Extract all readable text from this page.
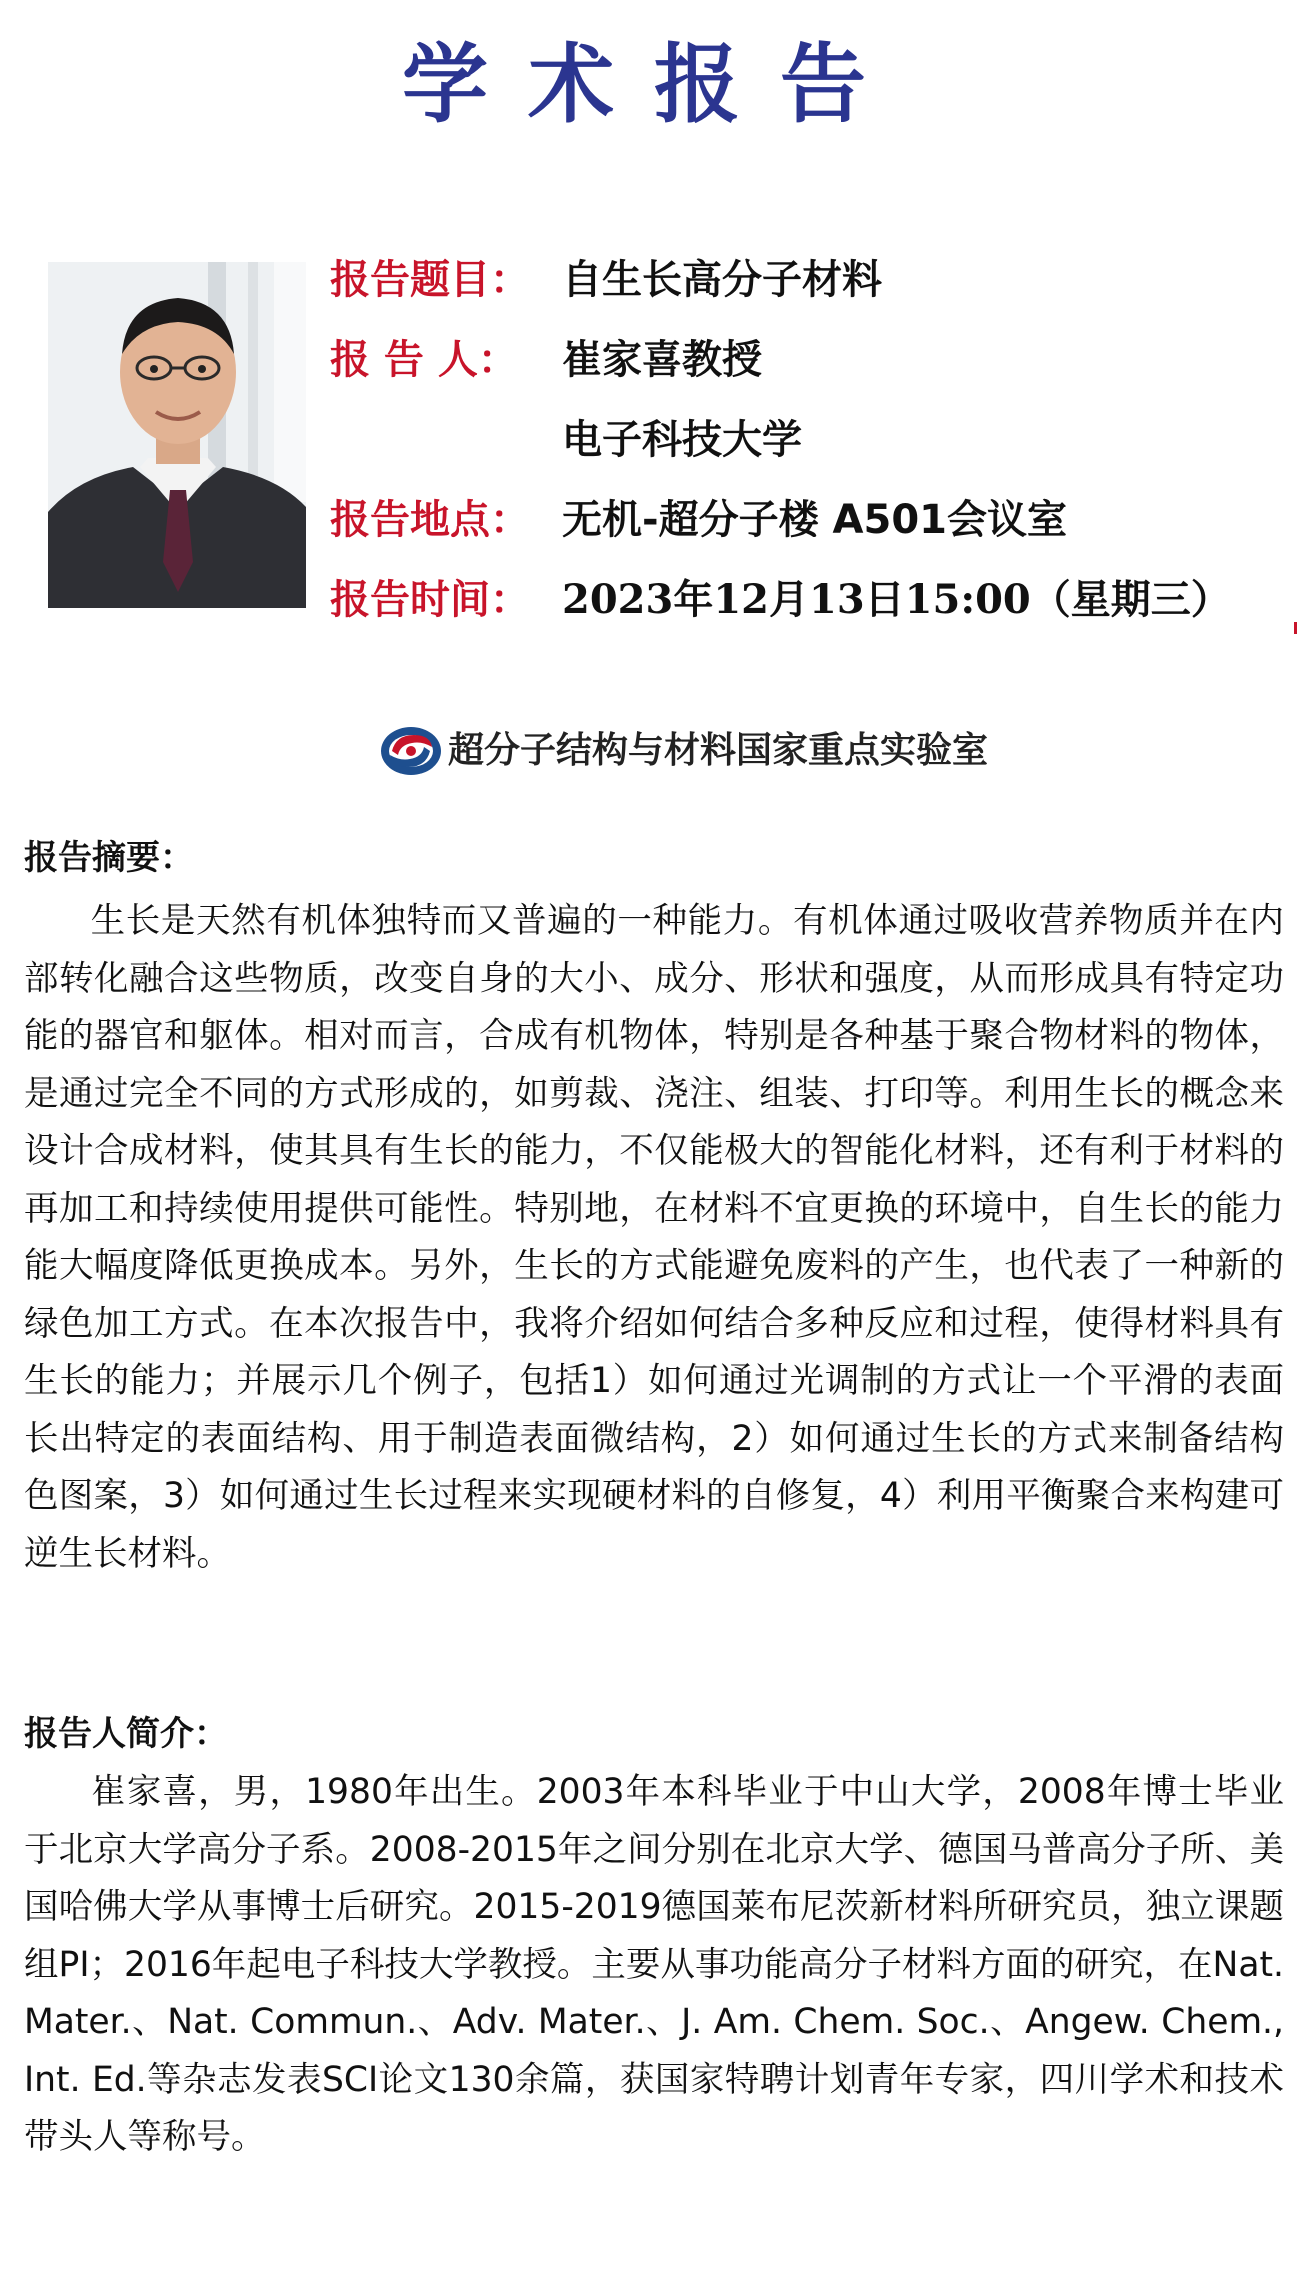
学术报告
报告题目： 自生长高分子材料
报 告 人： 崔家喜教授
电子科技大学
报告地点： 无机-超分子楼 A501会议室
报告时间： 2023年12月13日15:00（星期三）
超分子结构与材料国家重点实验室
报告摘要：
生长是天然有机体独特而又普遍的一种能力。有机体通过吸收营养物质并在内部转化融合这些物质，改变自身的大小、成分、形状和强度，从而形成具有特定功能的器官和躯体。相对而言，合成有机物体，特别是各种基于聚合物材料的物体，是通过完全不同的方式形成的，如剪裁、浇注、组装、打印等。利用生长的概念来设计合成材料，使其具有生长的能力，不仅能极大的智能化材料，还有利于材料的再加工和持续使用提供可能性。特别地，在材料不宜更换的环境中，自生长的能力能大幅度降低更换成本。另外，生长的方式能避免废料的产生，也代表了一种新的绿色加工方式。在本次报告中，我将介绍如何结合多种反应和过程，使得材料具有生长的能力；并展示几个例子，包括1）如何通过光调制的方式让一个平滑的表面长出特定的表面结构、用于制造表面微结构，2）如何通过生长的方式来制备结构色图案，3）如何通过生长过程来实现硬材料的自修复，4）利用平衡聚合来构建可逆生长材料。
报告人简介：
崔家喜，男，1980年出生。2003年本科毕业于中山大学，2008年博士毕业于北京大学高分子系。2008-2015年之间分别在北京大学、德国马普高分子所、美国哈佛大学从事博士后研究。2015-2019德国莱布尼茨新材料所研究员，独立课题组PI；2016年起电子科技大学教授。主要从事功能高分子材料方面的研究，在Nat. Mater.、Nat. Commun.、Adv. Mater.、J. Am. Chem. Soc.、Angew. Chem., Int. Ed.等杂志发表SCI论文130余篇，获国家特聘计划青年专家，四川学术和技术带头人等称号。
